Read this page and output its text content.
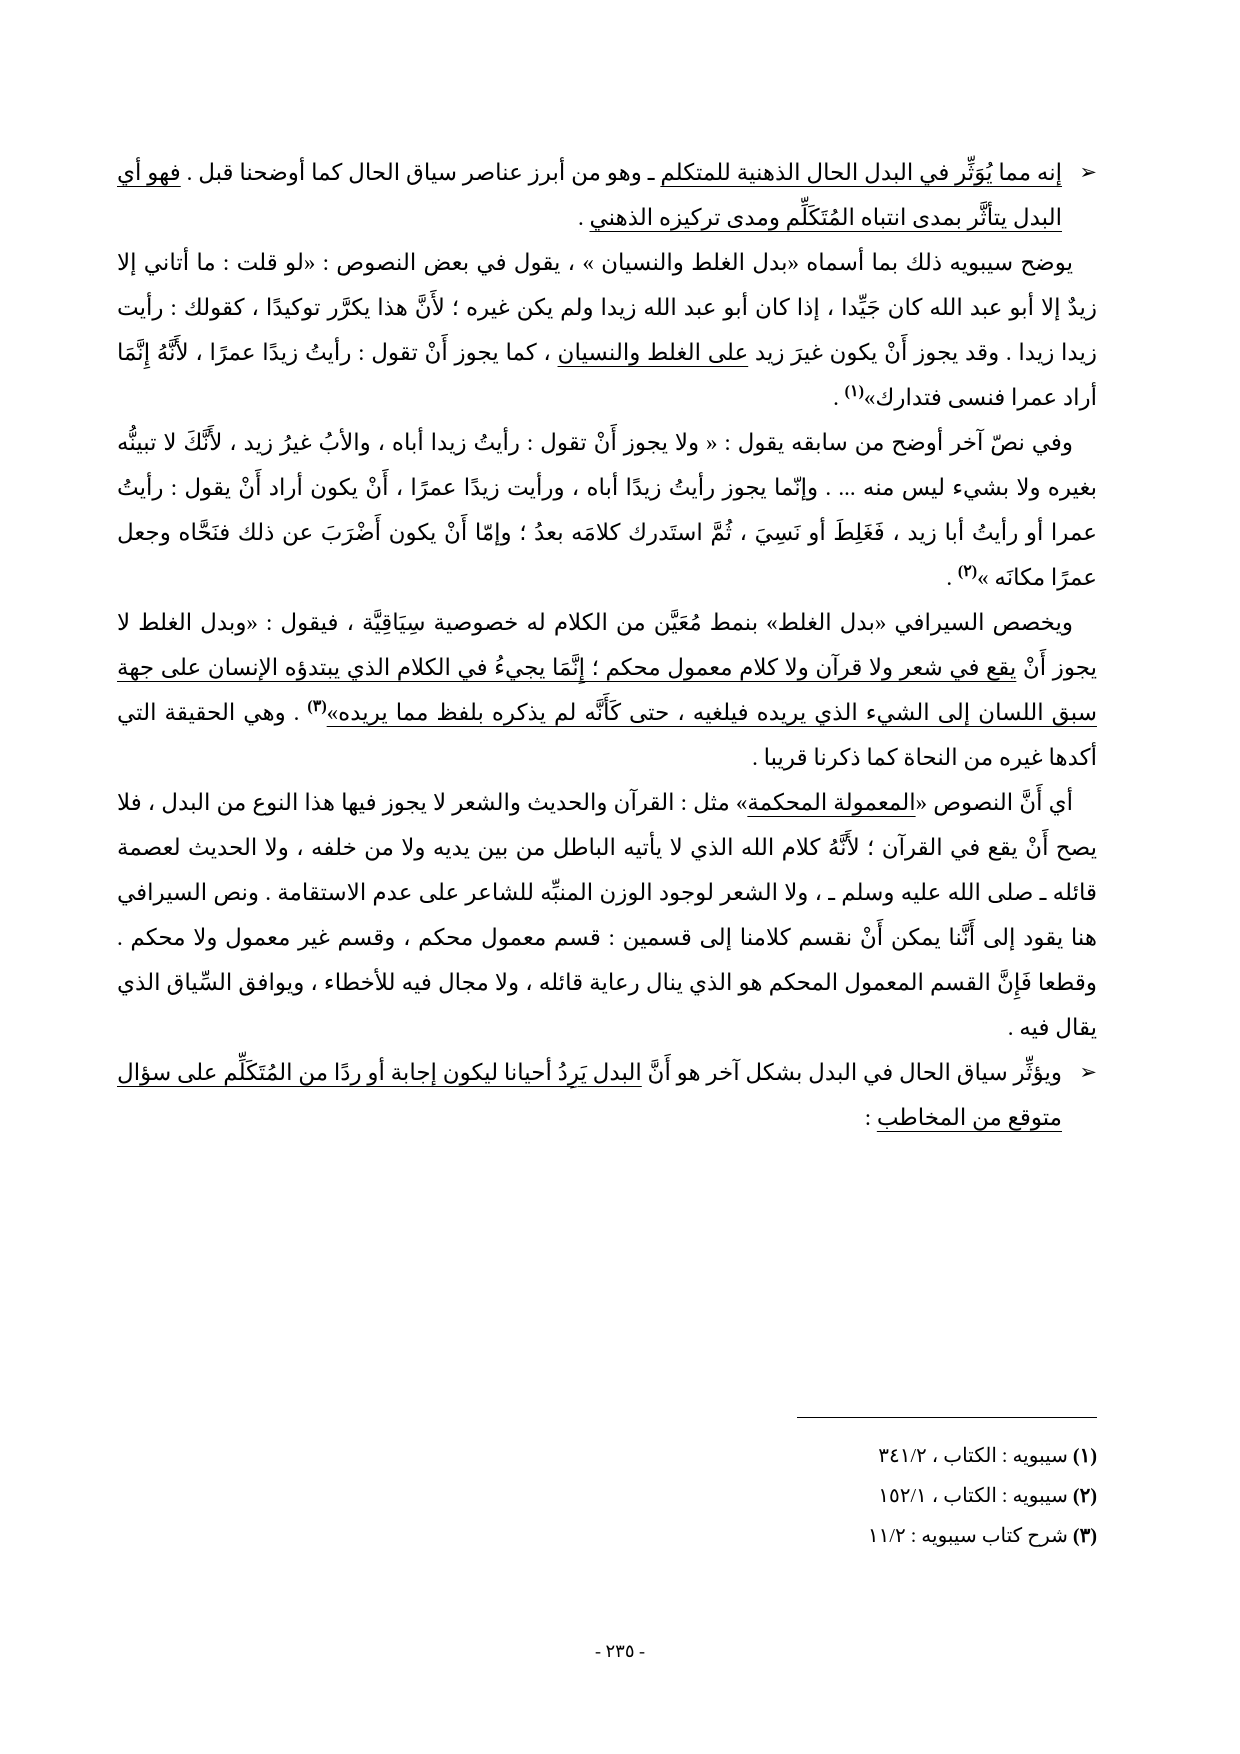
➢
إنه مما يُوَثِّر في البدل الحال الذهنية للمتكلم ـ وهو من أبرز عناصر سياق الحال كما أوضحنا قبل . فهو أي البدل يتأثَّر بمدى انتباه المُتَكَلِّم ومدى تركيزه الذهني .

يوضح سيبويه ذلك بما أسماه «بدل الغلط والنسيان » ، يقول في بعض النصوص : «لو قلت : ما أتاني إلا زيدٌ إلا أبو عبد الله كان جَيِّدا ، إذا كان أبو عبد الله زيدا ولم يكن غيره ؛ لأَنَّ هذا يكرَّر توكيدًا ، كقولك : رأيت زيدا زيدا . وقد يجوز أَنْ يكون غيرَ زيد على الغلط والنسيان ، كما يجوز أَنْ تقول : رأيتُ زيدًا عمرًا ، لأَنَّهُ إِنَّمَا أراد عمرا فنسى فتدارك»$^{(١)}$ .

وفي نصّ آخر أوضح من سابقه يقول : « ولا يجوز أَنْ تقول : رأيتُ زيدا أباه ، والأبُ غيرُ زيد ، لأَنَّكَ لا تبينُّه بغيره ولا بشيء ليس منه ... . وإنّما يجوز رأيتُ زيدًا أباه ، ورأيت زيدًا عمرًا ، أَنْ يكون أراد أَنْ يقول : رأيتُ عمرا أو رأيتُ أبا زيد ، فَغَلِطَ أو نَسِيَ ، ثُمَّ استَدرك كلامَه بعدُ ؛ وإمّا أَنْ يكون أَضْرَبَ عن ذلك فنَحَّاه وجعل عمرًا مكانَه »$^{(٢)}$ .

ويخصص السيرافي «بدل الغلط» بنمط مُعَيَّن من الكلام له خصوصية سِيَاقِيَّة ، فيقول : «وبدل الغلط لا يجوز أَنْ يقع في شعر ولا قرآن ولا كلام معمول محكم ؛ إِنَّمَا يجيءُ في الكلام الذي يبتدؤه الإنسان على جهة سبق اللسان إلى الشيء الذي يريده فيلغيه ، حتى كَأَنَّه لم يذكره بلفظ مما يريده»$^{(٣)}$ . وهي الحقيقة التي أكدها غيره من النحاة كما ذكرنا قريبا .

أي أَنَّ النصوص «المعمولة المحكمة» مثل : القرآن والحديث والشعر لا يجوز فيها هذا النوع من البدل ، فلا يصح أَنْ يقع في القرآن ؛ لأَنَّهُ كلام الله الذي لا يأتيه الباطل من بين يديه ولا من خلفه ، ولا الحديث لعصمة قائله ـ صلى الله عليه وسلم ـ ، ولا الشعر لوجود الوزن المنبِّه للشاعر على عدم الاستقامة . ونص السيرافي هنا يقود إلى أَنَّنا يمكن أَنْ نقسم كلامنا إلى قسمين : قسم معمول محكم ، وقسم غير معمول ولا محكم . وقطعا فَإِنَّ القسم المعمول المحكم هو الذي ينال رعاية قائله ، ولا مجال فيه للأخطاء ، ويوافق السِّياق الذي يقال فيه .

➢
ويؤثِّر سياق الحال في البدل بشكل آخر هو أَنَّ البدل يَرِدُ أحيانا ليكون إجابة أو ردًا من المُتَكَلِّم على سؤال متوقع من المخاطب :

(١) سيبويه : الكتاب ، ٣٤١/٢

(٢) سيبويه : الكتاب ، ١٥٢/١

(٣) شرح كتاب سيبويه : ١١/٢

- ٢٣٥ -
